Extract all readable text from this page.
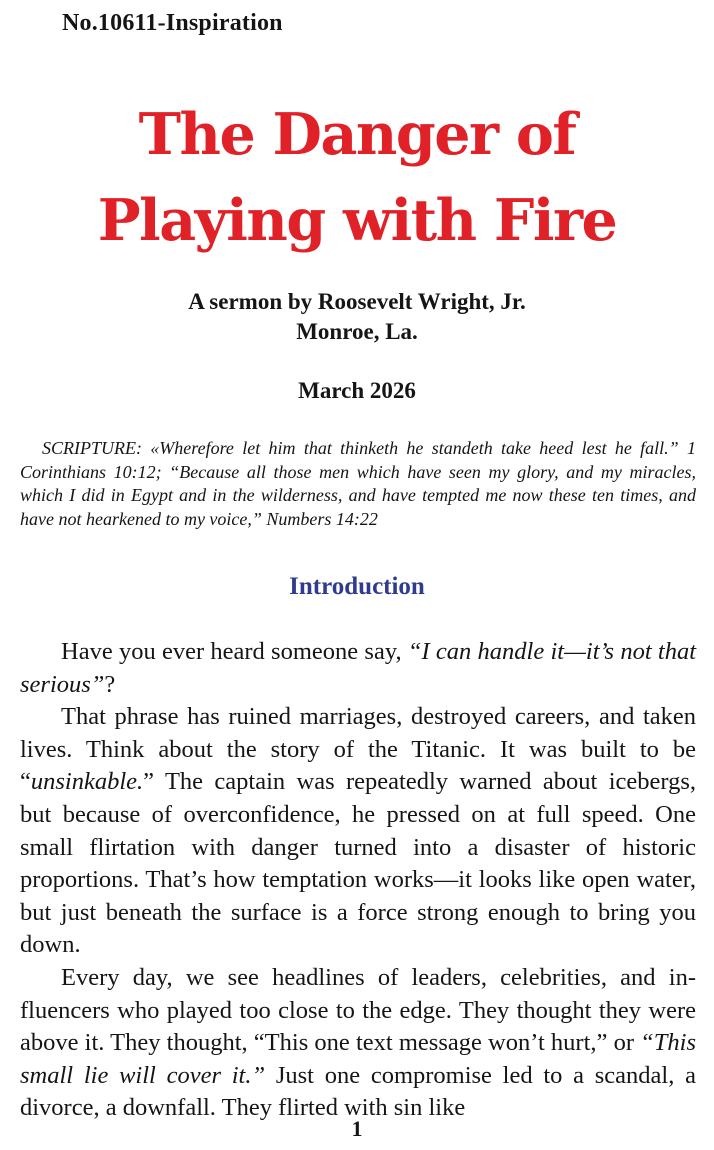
No.10611-Inspiration
The Danger of
Playing with Fire
A sermon by Roosevelt Wright, Jr.
Monroe, La.
March 2026

SCRIPTURE: «Wherefore let him that thinketh he standeth take heed lest he fall.” 1 Corinthians 10:12; “Because all those men which have seen my glory, and my miracles, which I did in Egypt and in the wilderness, and have tempted me now these ten times, and have not hearkened to my voice,” Numbers 14:22

Introduction

Have you ever heard someone say, “I can handle it—it’s not that serious”?

That phrase has ruined marriages, destroyed careers, and taken lives. Think about the story of the Titanic. It was built to be “unsinkable.” The captain was repeatedly warned about icebergs, but because of overconfidence, he pressed on at full speed. One small flirtation with danger turned into a disaster of historic proportions. That’s how temptation works—it looks like open water, but just beneath the surface is a force strong enough to bring you down.

Every day, we see headlines of leaders, celebrities, and influencers who played too close to the edge. They thought they were above it. They thought, “This one text message won’t hurt,” or “This small lie will cover it.” Just one compromise led to a scandal, a divorce, a downfall. They flirted with sin like

1
